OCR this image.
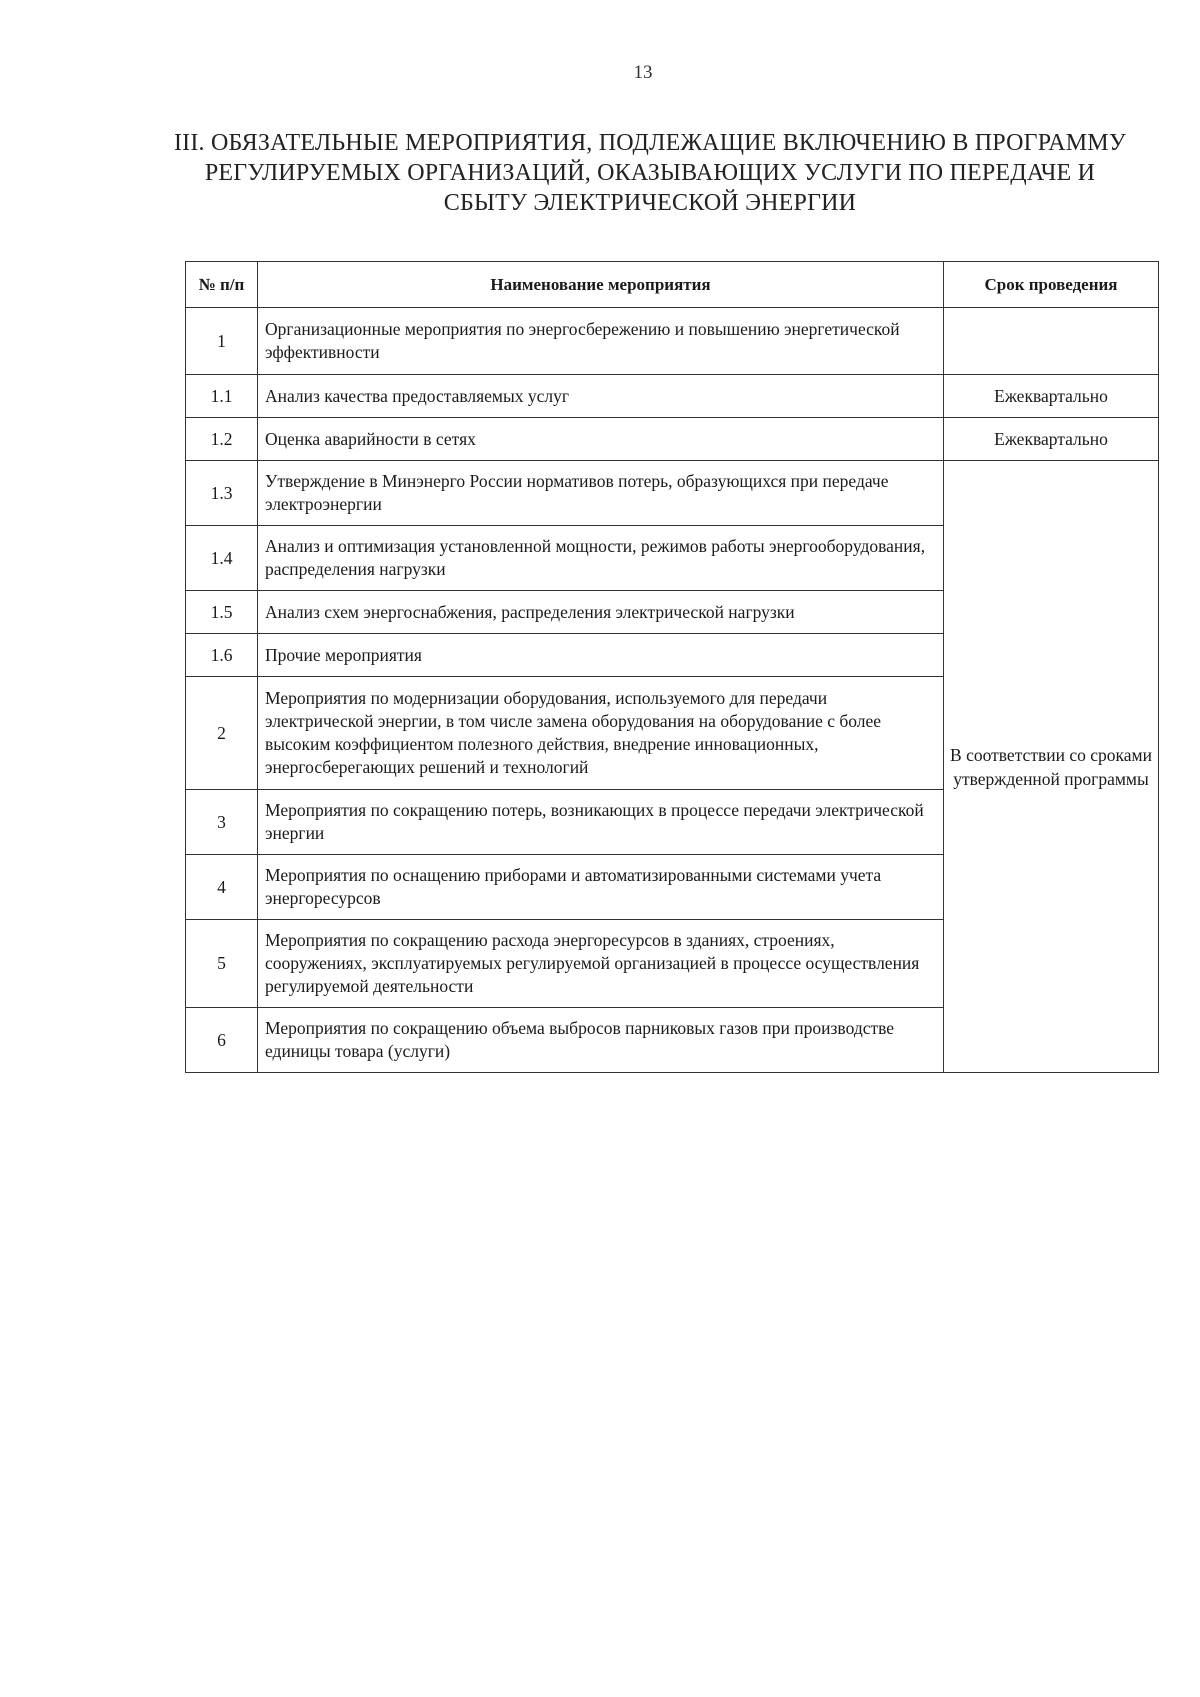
13
III. ОБЯЗАТЕЛЬНЫЕ МЕРОПРИЯТИЯ, ПОДЛЕЖАЩИЕ ВКЛЮЧЕНИЮ В ПРОГРАММУ
РЕГУЛИРУЕМЫХ ОРГАНИЗАЦИЙ, ОКАЗЫВАЮЩИХ УСЛУГИ ПО ПЕРЕДАЧЕ И
СБЫТУ ЭЛЕКТРИЧЕСКОЙ ЭНЕРГИИ
№ п/п	Наименование мероприятия	Срок проведения
1	Организационные мероприятия по энергосбережению и повышению энергетической эффективности	
1.1	Анализ качества предоставляемых услуг	Ежеквартально
1.2	Оценка аварийности в сетях	Ежеквартально
1.3	Утверждение в Минэнерго России нормативов потерь, образующихся при передаче электроэнергии	В соответствии со сроками утвержденной программы
1.4	Анализ и оптимизация установленной мощности, режимов работы энергооборудования, распределения нагрузки	
1.5	Анализ схем энергоснабжения, распределения электрической нагрузки	
1.6	Прочие мероприятия	
2	Мероприятия по модернизации оборудования, используемого для передачи электрической энергии, в том числе замена оборудования на оборудование с более высоким коэффициентом полезного действия, внедрение инновационных, энергосберегающих решений и технологий	
3	Мероприятия по сокращению потерь, возникающих в процессе передачи электрической энергии	
4	Мероприятия по оснащению приборами и автоматизированными системами учета энергоресурсов	
5	Мероприятия по сокращению расхода энергоресурсов в зданиях, строениях, сооружениях, эксплуатируемых регулируемой организацией в процессе осуществления регулируемой деятельности	
6	Мероприятия по сокращению объема выбросов парниковых газов при производстве единицы товара (услуги)	
